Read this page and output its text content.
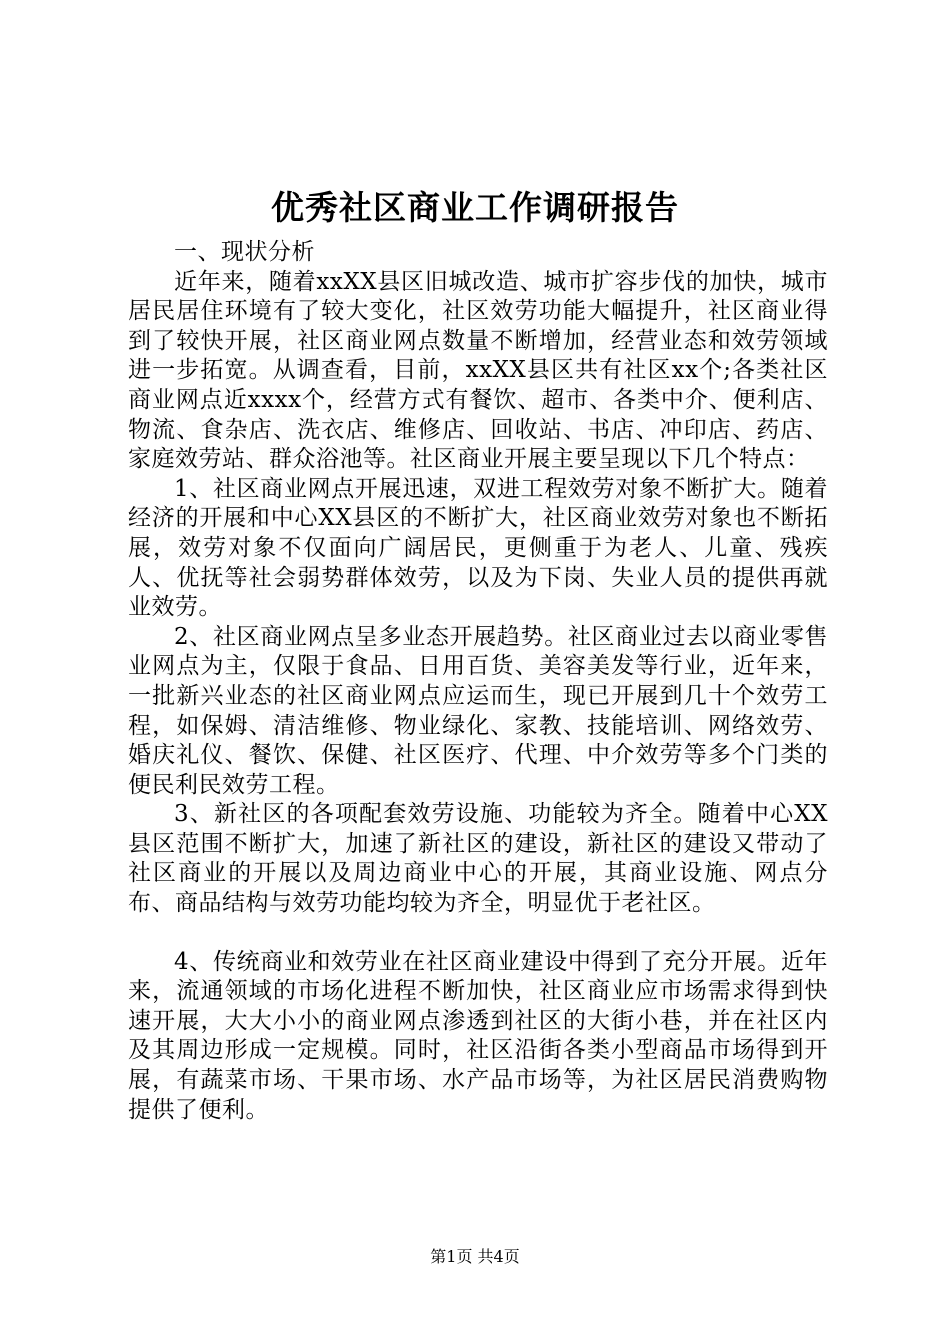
优秀社区商业工作调研报告

一、现状分析

近年来，随着xxXX县区旧城改造、城市扩容步伐的加快，城市居民居住环境有了较大变化，社区效劳功能大幅提升，社区商业得到了较快开展，社区商业网点数量不断增加，经营业态和效劳领域进一步拓宽。从调查看，目前，xxXX县区共有社区xx个;各类社区商业网点近xxxx个，经营方式有餐饮、超市、各类中介、便利店、物流、食杂店、洗衣店、维修店、回收站、书店、冲印店、药店、家庭效劳站、群众浴池等。社区商业开展主要呈现以下几个特点：

1、社区商业网点开展迅速，双进工程效劳对象不断扩大。随着经济的开展和中心XX县区的不断扩大，社区商业效劳对象也不断拓展，效劳对象不仅面向广阔居民，更侧重于为老人、儿童、残疾人、优抚等社会弱势群体效劳，以及为下岗、失业人员的提供再就业效劳。

2、社区商业网点呈多业态开展趋势。社区商业过去以商业零售业网点为主，仅限于食品、日用百货、美容美发等行业，近年来，一批新兴业态的社区商业网点应运而生，现已开展到几十个效劳工程，如保姆、清洁维修、物业绿化、家教、技能培训、网络效劳、婚庆礼仪、餐饮、保健、社区医疗、代理、中介效劳等多个门类的便民利民效劳工程。

3、新社区的各项配套效劳设施、功能较为齐全。随着中心XX县区范围不断扩大，加速了新社区的建设，新社区的建设又带动了社区商业的开展以及周边商业中心的开展，其商业设施、网点分布、商品结构与效劳功能均较为齐全，明显优于老社区。

4、传统商业和效劳业在社区商业建设中得到了充分开展。近年来，流通领域的市场化进程不断加快，社区商业应市场需求得到快速开展，大大小小的商业网点渗透到社区的大街小巷，并在社区内及其周边形成一定规模。同时，社区沿街各类小型商品市场得到开展，有蔬菜市场、干果市场、水产品市场等，为社区居民消费购物提供了便利。

第1页 共4页
